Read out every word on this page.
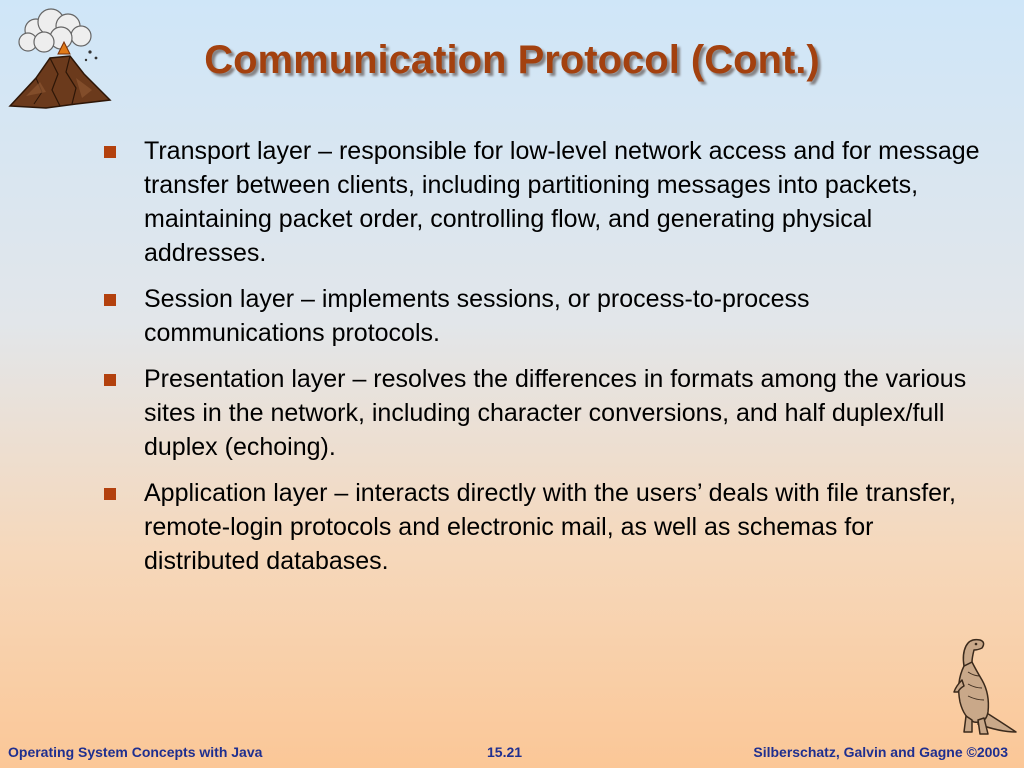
Communication Protocol (Cont.)
Transport layer – responsible for low-level network access and for message transfer between clients, including partitioning messages into packets, maintaining packet order, controlling flow, and generating physical addresses.
Session layer – implements sessions, or process-to-process communications protocols.
Presentation layer – resolves the differences in formats among the various sites in the network, including character conversions, and half duplex/full duplex (echoing).
Application layer – interacts directly with the users’ deals with file transfer, remote-login protocols and electronic mail, as well as schemas for distributed databases.
Operating System Concepts with Java	15.21	Silberschatz, Galvin and Gagne ©2003
